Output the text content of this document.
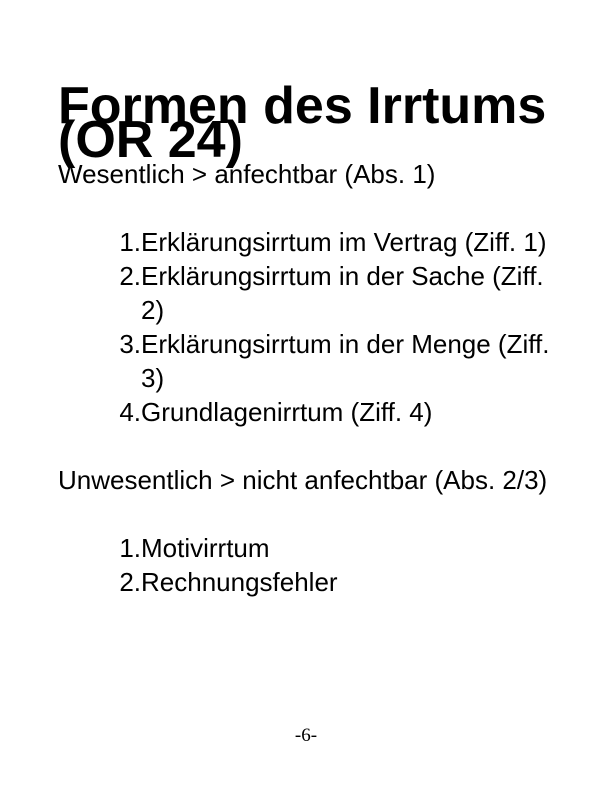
Formen des Irrtums (OR 24)

Wesentlich > anfechtbar (Abs. 1)

1. Erklärungsirrtum im Vertrag (Ziff. 1)
2. Erklärungsirrtum in der Sache (Ziff. 2)
3. Erklärungsirrtum in der Menge (Ziff. 3)
4. Grundlagenirrtum (Ziff. 4)

Unwesentlich > nicht anfechtbar (Abs. 2/3)

1. Motivirrtum
2. Rechnungsfehler
-6-
